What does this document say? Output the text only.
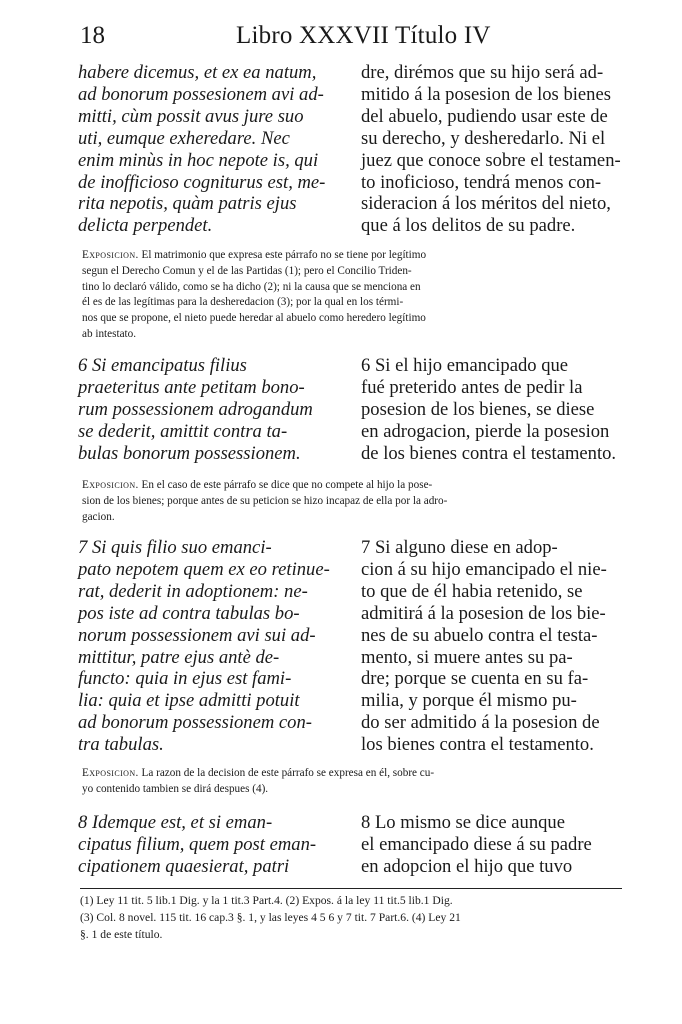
18	Libro XXXVII Título IV
habere dicemus, et ex ea natum,
ad bonorum possesionem avi ad-
mitti, cùm possit avus jure suo
uti, eumque exheredare. Nec
enim minùs in hoc nepote is, qui
de inofficioso cogniturus est, me-
rita nepotis, quàm patris ejus
delicta perpendet.
dre, dirémos que su hijo será ad-
mitido á la posesion de los bienes
del abuelo, pudiendo usar este de
su derecho, y desheredarlo. Ni el
juez que conoce sobre el testamen-
to inoficioso, tendrá menos con-
sideracion á los méritos del nieto,
que á los delitos de su padre.
Exposicion. El matrimonio que expresa este párrafo no se tiene por legítimo
segun el Derecho Comun y el de las Partidas (1); pero el Concilio Triden-
tino lo declaró válido, como se ha dicho (2); ni la causa que se menciona en
él es de las legítimas para la desheredacion (3); por la qual en los térmi-
nos que se propone, el nieto puede heredar al abuelo como heredero legítimo
ab intestato.
6 Si emancipatus filius
praeteritus ante petitam bono-
rum possessionem adrogandum
se dederit, amittit contra ta-
bulas bonorum possessionem.
6 Si el hijo emancipado que
fué preterido antes de pedir la
posesion de los bienes, se diese
en adrogacion, pierde la posesion
de los bienes contra el testamento.
Exposicion. En el caso de este párrafo se dice que no compete al hijo la pose-
sion de los bienes; porque antes de su peticion se hizo incapaz de ella por la adro-
gacion.
7 Si quis filio suo emanci-
pato nepotem quem ex eo retinue-
rat, dederit in adoptionem: ne-
pos iste ad contra tabulas bo-
norum possessionem avi sui ad-
mittitur, patre ejus antè de-
functo: quia in ejus est fami-
lia: quia et ipse admitti potuit
ad bonorum possessionem con-
tra tabulas.
7 Si alguno diese en adop-
cion á su hijo emancipado el nie-
to que de él habia retenido, se
admitirá á la posesion de los bie-
nes de su abuelo contra el testa-
mento, si muere antes su pa-
dre; porque se cuenta en su fa-
milia, y porque él mismo pu-
do ser admitido á la posesion de
los bienes contra el testamento.
Exposicion. La razon de la decision de este párrafo se expresa en él, sobre cu-
yo contenido tambien se dirá despues (4).
8 Idemque est, et si eman-
cipatus filium, quem post eman-
cipationem quaesierat, patri
8 Lo mismo se dice aunque
el emancipado diese á su padre
en adopcion el hijo que tuvo
(1) Ley 11 tit. 5 lib.1 Dig. y la 1 tit.3 Part.4. (2) Expos. á la ley 11 tit.5 lib.1 Dig.
(3) Col. 8 novel. 115 tit. 16 cap.3 §. 1, y las leyes 4 5 6 y 7 tit. 7 Part.6. (4) Ley 21
§. 1 de este título.
